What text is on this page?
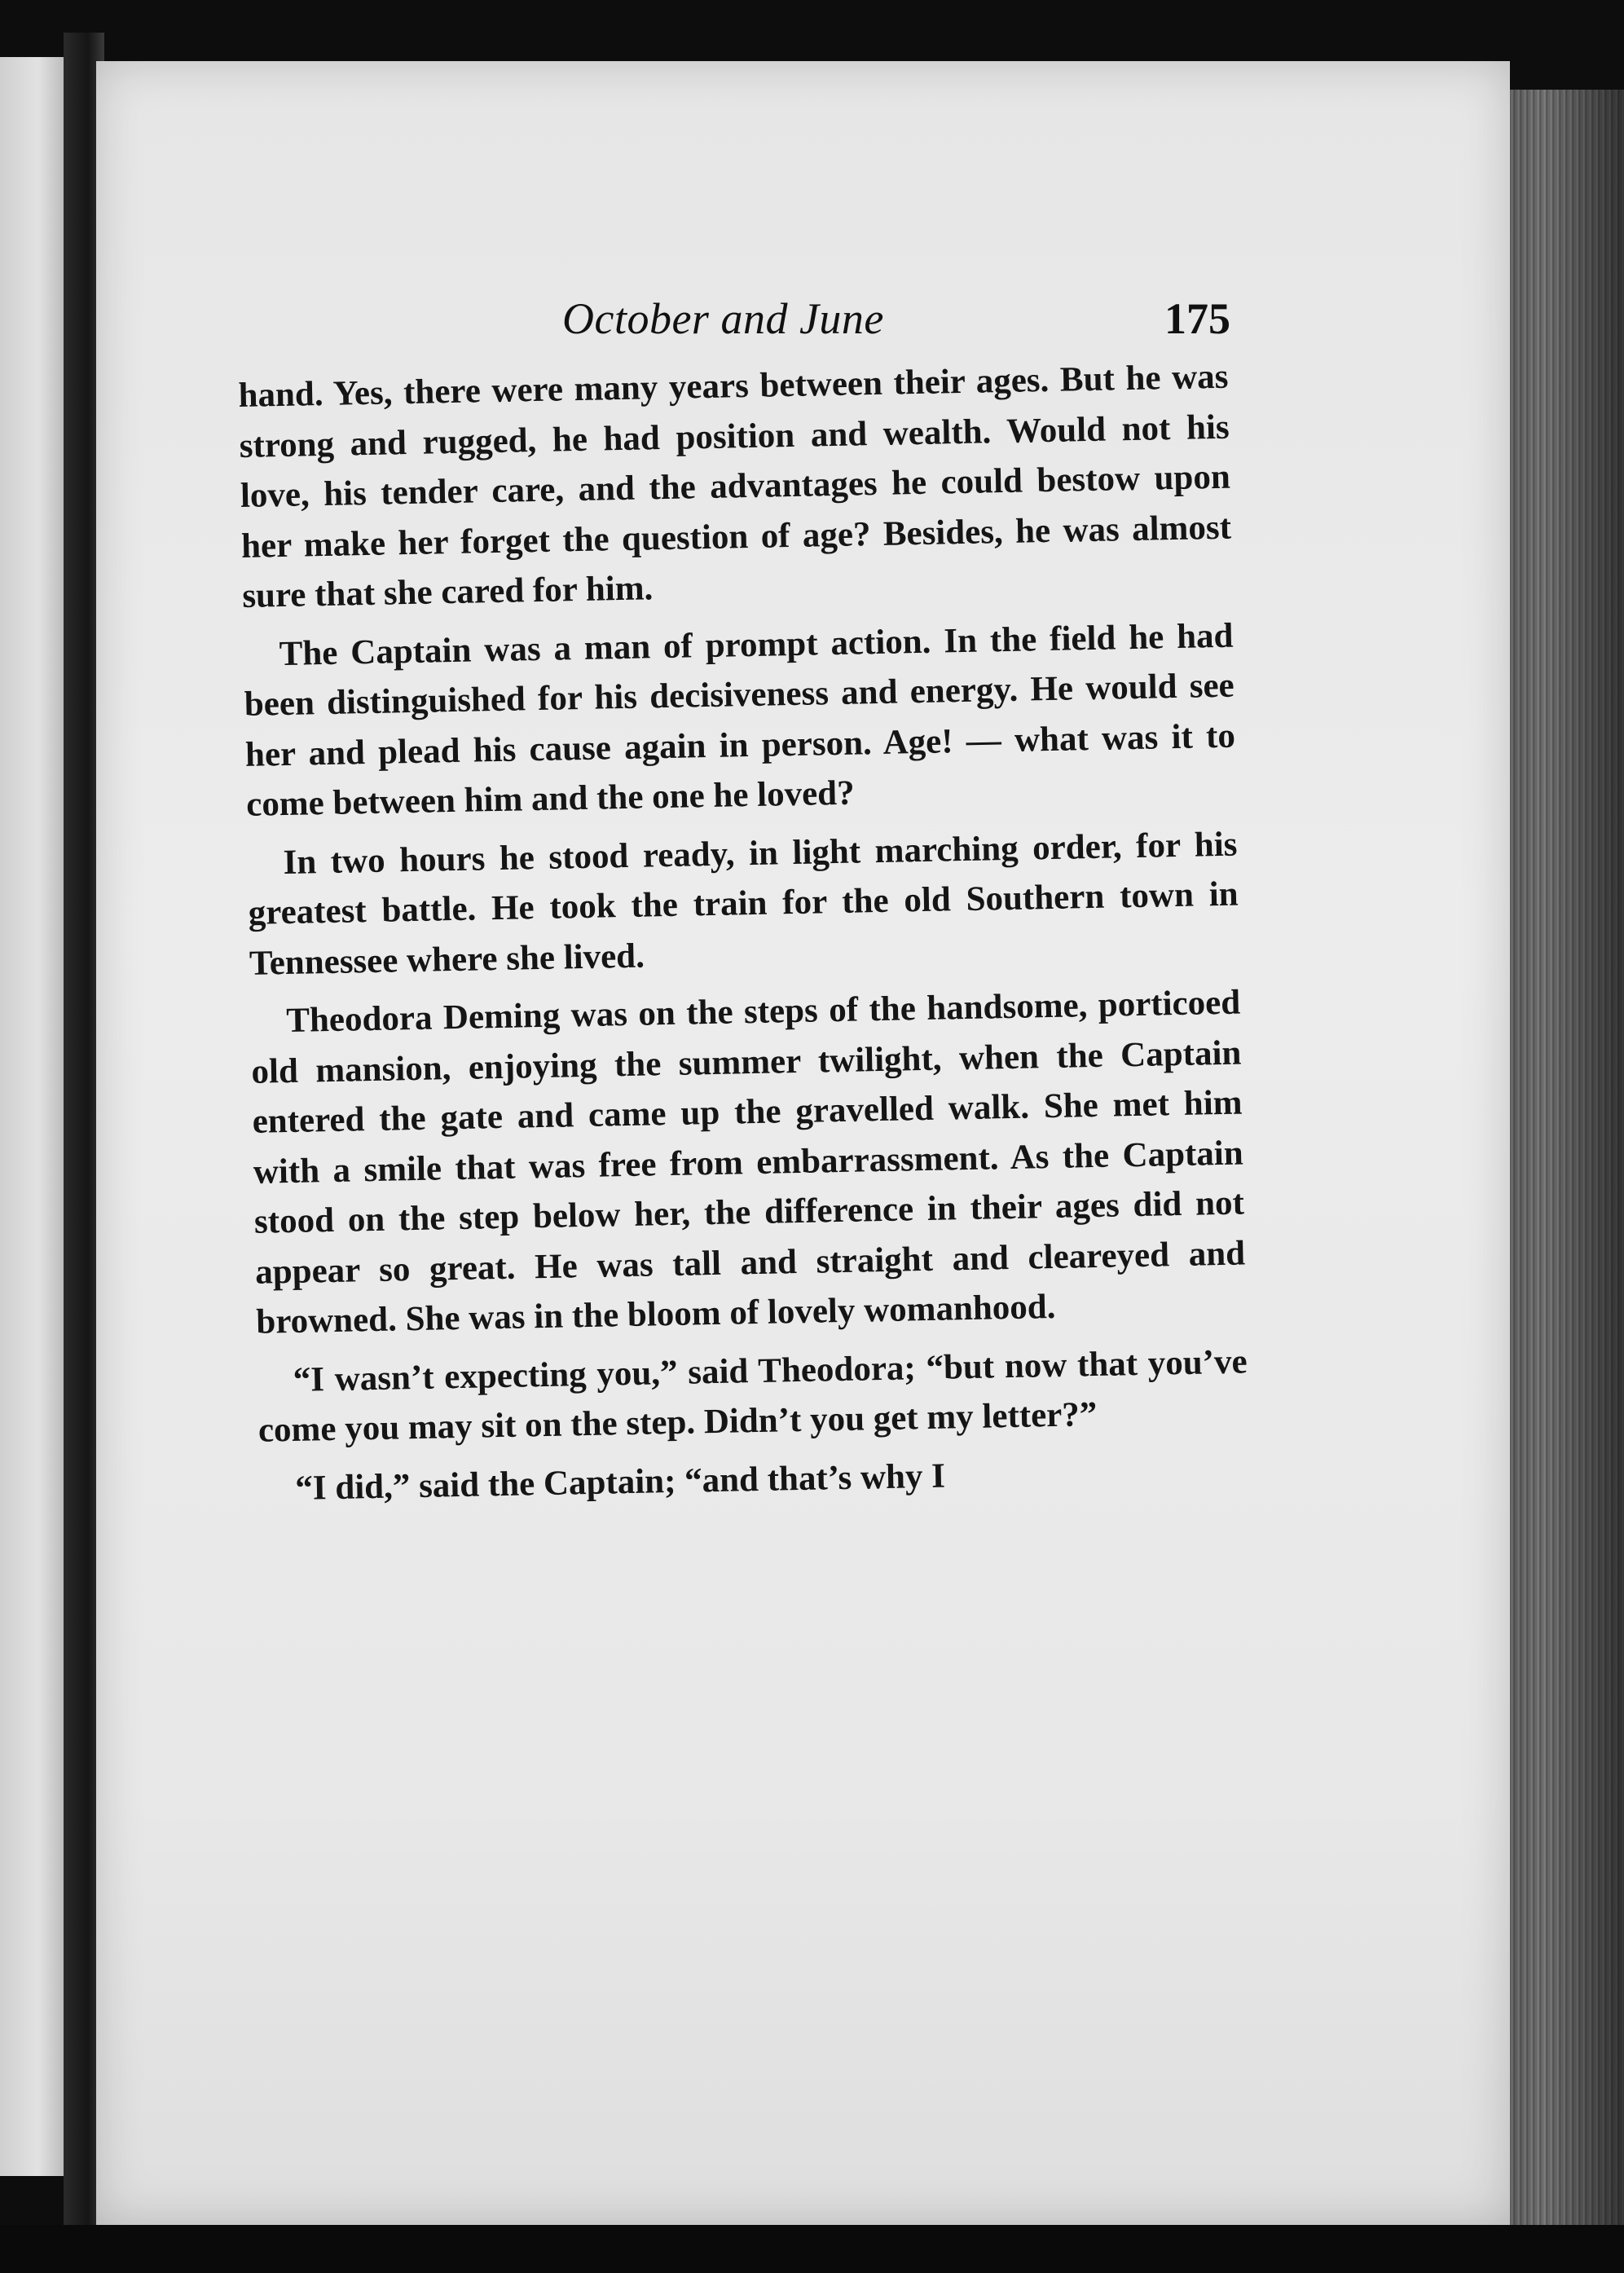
October and June	175

hand. Yes, there were many years between their ages. But he was strong and rugged, he had position and wealth. Would not his love, his tender care, and the advantages he could bestow upon her make her forget the question of age? Besides, he was almost sure that she cared for him.

The Captain was a man of prompt action. In the field he had been distinguished for his decisiveness and energy. He would see her and plead his cause again in person. Age! — what was it to come between him and the one he loved?

In two hours he stood ready, in light marching order, for his greatest battle. He took the train for the old Southern town in Tennessee where she lived.

Theodora Deming was on the steps of the handsome, porticoed old mansion, enjoying the summer twilight, when the Captain entered the gate and came up the gravelled walk. She met him with a smile that was free from embarrassment. As the Captain stood on the step below her, the difference in their ages did not appear so great. He was tall and straight and cleareyed and browned. She was in the bloom of lovely womanhood.

“I wasn’t expecting you,” said Theodora; “but now that you’ve come you may sit on the step. Didn’t you get my letter?”

“I did,” said the Captain; “and that’s why I
